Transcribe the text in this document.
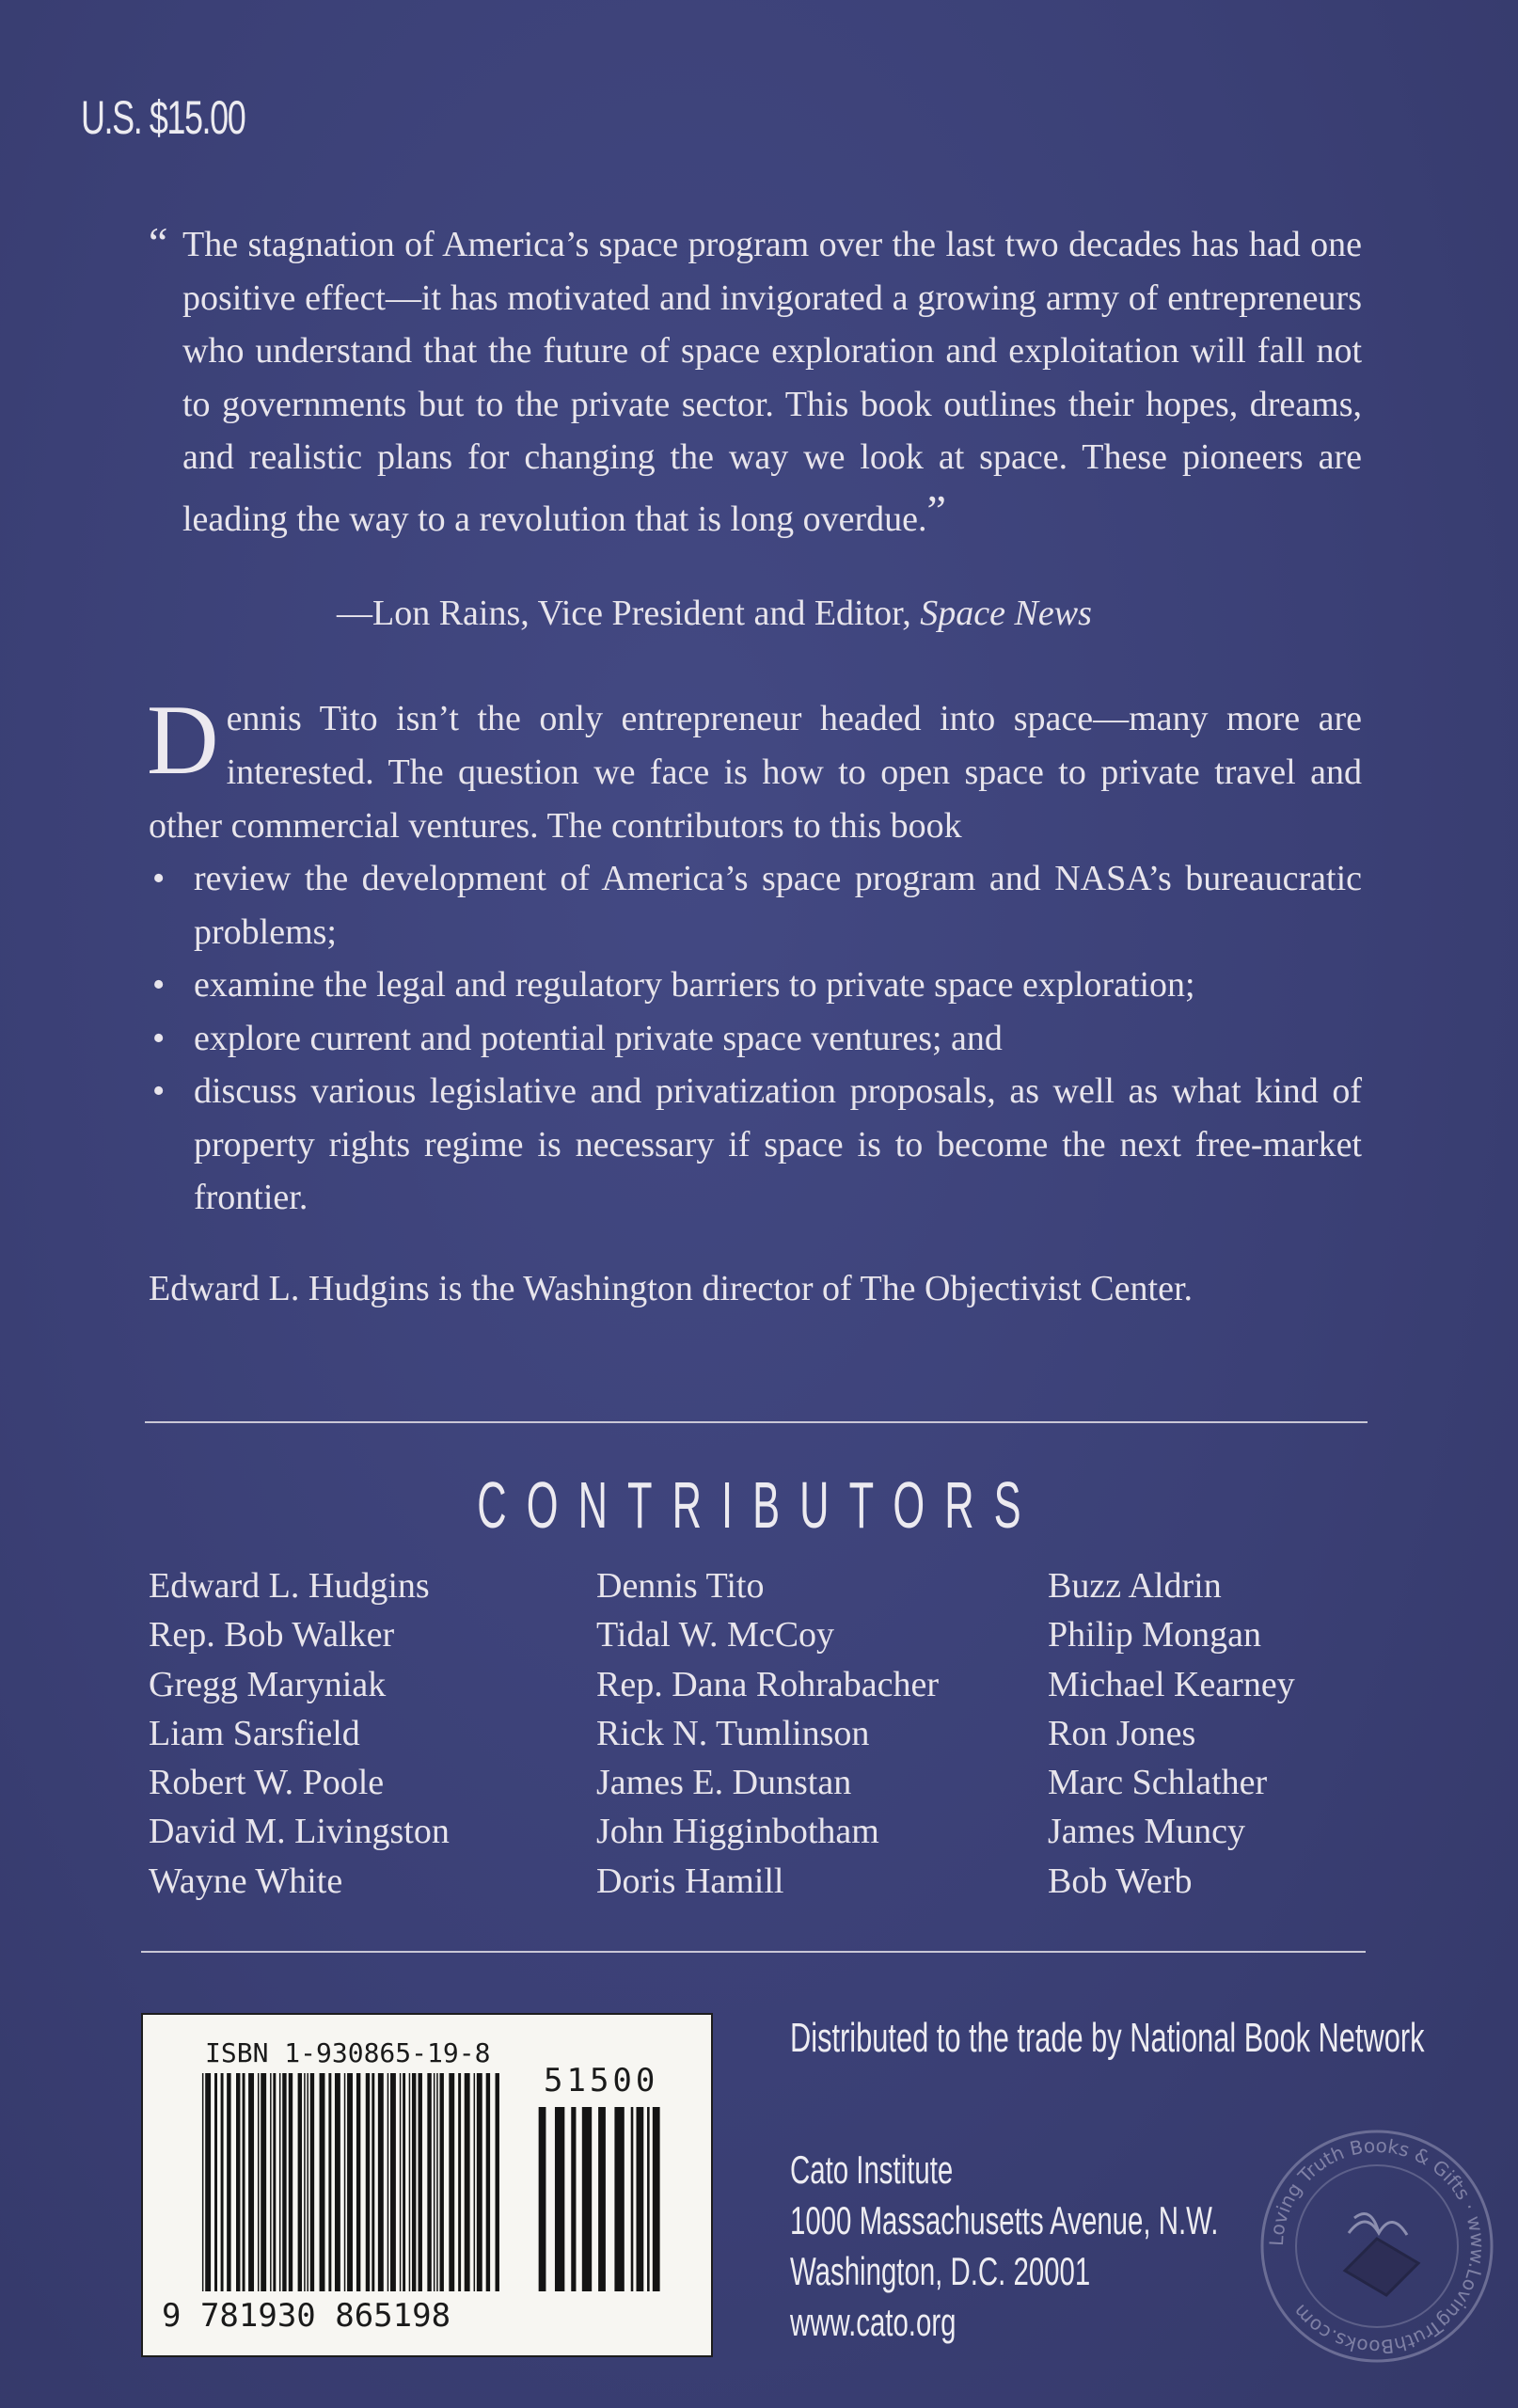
U.S. $15.00
“ The stagnation of America’s space program over the last two decades has had one positive effect—it has motivated and invigorated a growing army of entrepreneurs who understand that the future of space exploration and exploitation will fall not to governments but to the private sector. This book outlines their hopes, dreams, and realistic plans for changing the way we look at space. These pioneers are leading the way to a revolution that is long overdue.”
—Lon Rains, Vice President and Editor, Space News
Dennis Tito isn’t the only entrepreneur headed into space—many more are interested. The question we face is how to open space to private travel and other commercial ventures. The contributors to this book
• review the development of America’s space program and NASA’s bureaucratic problems;
• examine the legal and regulatory barriers to private space exploration;
• explore current and potential private space ventures; and
• discuss various legislative and privatization proposals, as well as what kind of property rights regime is necessary if space is to become the next free-market frontier.
Edward L. Hudgins is the Washington director of The Objectivist Center.
CONTRIBUTORS
Edward L. Hudgins
Rep. Bob Walker
Gregg Maryniak
Liam Sarsfield
Robert W. Poole
David M. Livingston
Wayne White
Dennis Tito
Tidal W. McCoy
Rep. Dana Rohrabacher
Rick N. Tumlinson
James E. Dunstan
John Higginbotham
Doris Hamill
Buzz Aldrin
Philip Mongan
Michael Kearney
Ron Jones
Marc Schlather
James Muncy
Bob Werb
ISBN 1-930865-19-8
51500
9 781930 865198
Distributed to the trade by National Book Network
Cato Institute
1000 Massachusetts Avenue, N.W.
Washington, D.C. 20001
www.cato.org
Loving Truth Books & Gifts · www.LovingTruthBooks.com
